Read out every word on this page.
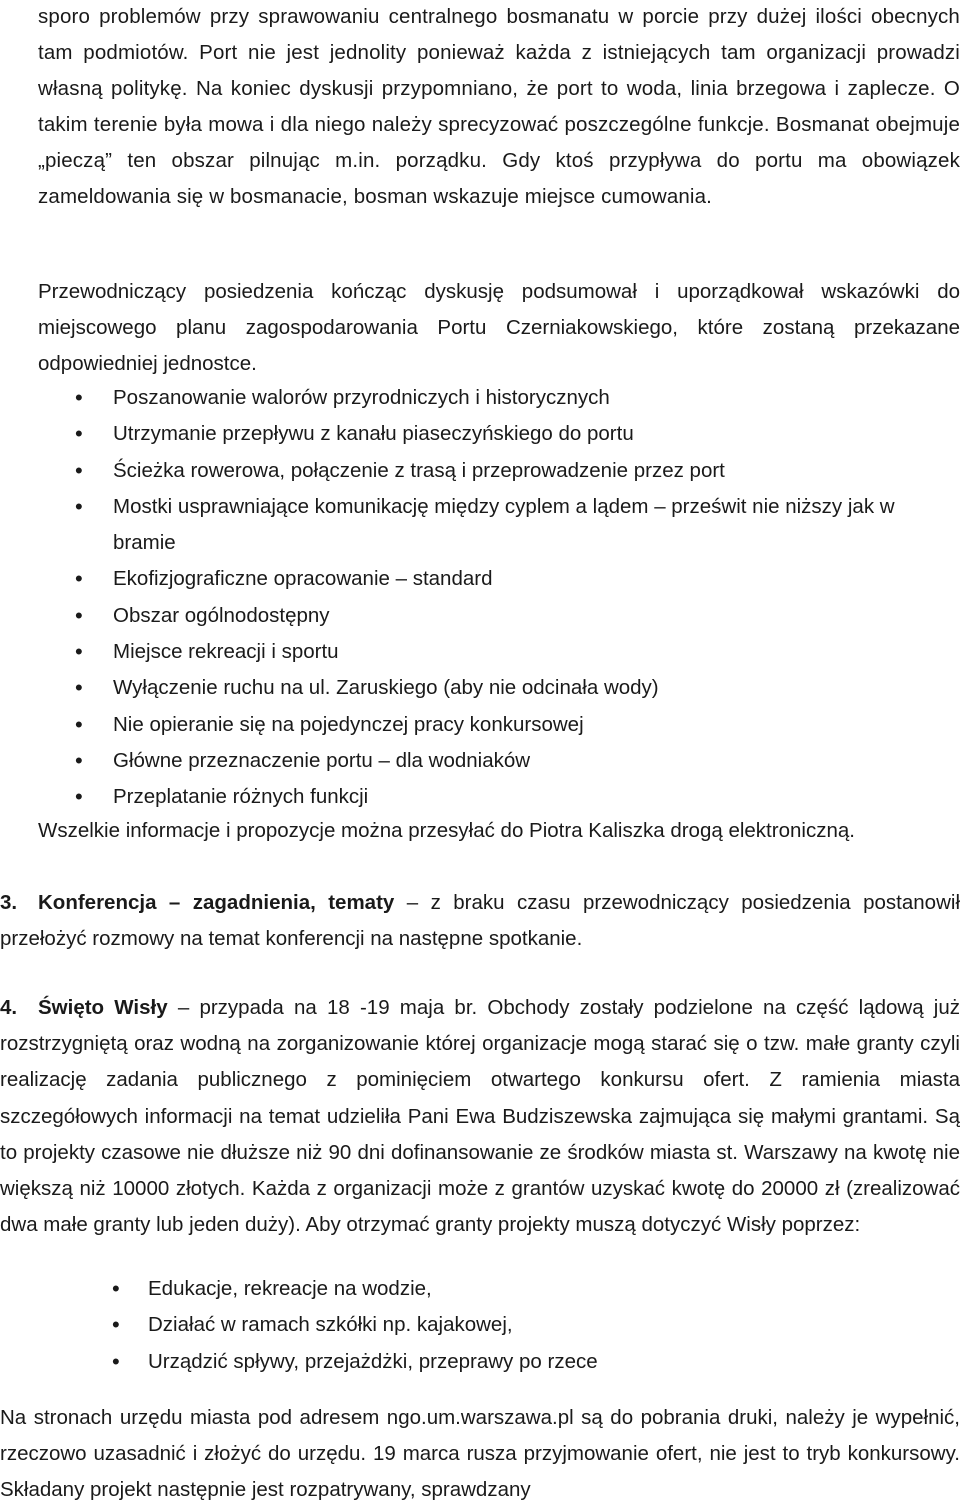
sporo problemów przy sprawowaniu centralnego bosmanatu w porcie przy dużej ilości obecnych tam podmiotów. Port nie jest jednolity ponieważ każda z istniejących tam organizacji prowadzi własną politykę. Na koniec dyskusji przypomniano, że port to woda, linia brzegowa i zaplecze. O takim terenie była mowa i dla niego należy sprecyzować poszczególne funkcje. Bosmanat obejmuje „pieczą” ten obszar pilnując m.in. porządku. Gdy ktoś przypływa do portu ma obowiązek zameldowania się w bosmanacie, bosman wskazuje miejsce cumowania.

Przewodniczący posiedzenia kończąc dyskusję podsumował i uporządkował wskazówki do miejscowego planu zagospodarowania Portu Czerniakowskiego, które zostaną przekazane odpowiedniej jednostce.

• Poszanowanie walorów przyrodniczych i historycznych
• Utrzymanie przepływu z kanału piaseczyńskiego do portu
• Ścieżka rowerowa, połączenie z trasą i przeprowadzenie przez port
• Mostki usprawniające komunikację między cyplem a lądem – prześwit nie niższy jak w bramie
• Ekofizjograficzne opracowanie – standard
• Obszar ogólnodostępny
• Miejsce rekreacji i sportu
• Wyłączenie ruchu na ul. Zaruskiego (aby nie odcinała wody)
• Nie opieranie się na pojedynczej pracy konkursowej
• Główne przeznaczenie portu – dla wodniaków
• Przeplatanie różnych funkcji

Wszelkie informacje i propozycje można przesyłać do Piotra Kaliszka drogą elektroniczną.

3. Konferencja – zagadnienia, tematy – z braku czasu przewodniczący posiedzenia postanowił przełożyć rozmowy na temat konferencji na następne spotkanie.

4. Święto Wisły – przypada na 18 -19 maja br. Obchody zostały podzielone na część lądową już rozstrzygniętą oraz wodną na zorganizowanie której organizacje mogą starać się o tzw. małe granty czyli realizację zadania publicznego z pominięciem otwartego konkursu ofert. Z ramienia miasta szczegółowych informacji na temat udzieliła Pani Ewa Budziszewska zajmująca się małymi grantami. Są to projekty czasowe nie dłuższe niż 90 dni dofinansowanie ze środków miasta st. Warszawy na kwotę nie większą niż 10000 złotych. Każda z organizacji może z grantów uzyskać kwotę do 20000 zł (zrealizować dwa małe granty lub jeden duży). Aby otrzymać granty projekty muszą dotyczyć Wisły poprzez:

• Edukacje, rekreacje na wodzie,
• Działać w ramach szkółki np. kajakowej,
• Urządzić spływy, przejażdżki, przeprawy po rzece

Na stronach urzędu miasta pod adresem ngo.um.warszawa.pl są do pobrania druki, należy je wypełnić, rzeczowo uzasadnić i złożyć do urzędu. 19 marca rusza przyjmowanie ofert, nie jest to tryb konkursowy. Składany projekt następnie jest rozpatrywany, sprawdzany
